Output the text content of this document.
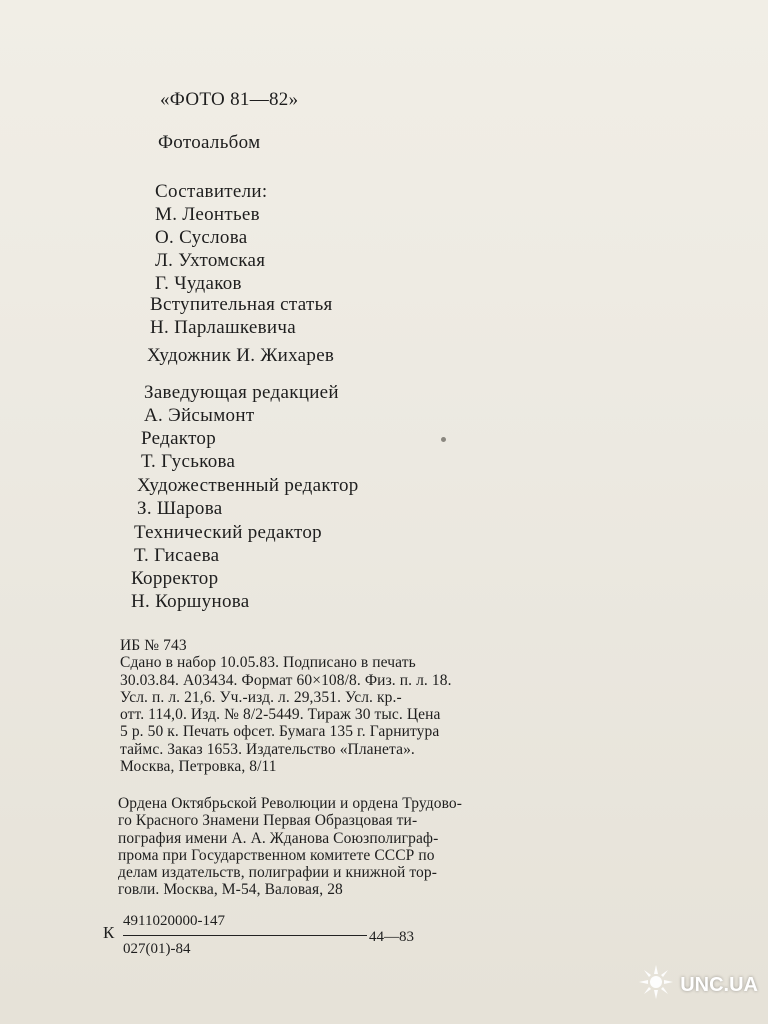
«ФОТО 81—82»
Фотоальбом
Составители:
М. Леонтьев
О. Суслова
Л. Ухтомская
Г. Чудаков
Вступительная статья
Н. Парлашкевича
Художник И. Жихарев
Заведующая редакцией
А. Эйсымонт
Редактор
Т. Гуськова
Художественный редактор
З. Шарова
Технический редактор
Т. Гисаева
Корректор
Н. Коршунова
ИБ № 743
Сдано в набор 10.05.83. Подписано в печать
30.03.84. А03434. Формат 60×108/8. Физ. п. л. 18.
Усл. п. л. 21,6. Уч.-изд. л. 29,351. Усл. кр.-
отт. 114,0. Изд. № 8/2-5449. Тираж 30 тыс. Цена
5 р. 50 к. Печать офсет. Бумага 135 г. Гарнитура
таймс. Заказ 1653. Издательство «Планета».
Москва, Петровка, 8/11
Ордена Октябрьской Революции и ордена Трудово-
го Красного Знамени Первая Образцовая ти-
пография имени А. А. Жданова Союзполиграф-
прома при Государственном комитете СССР по
делам издательств, полиграфии и книжной тор-
говли. Москва, М-54, Валовая, 28
К
4911020000-147
027(01)-84
44—83
UNC.UA
